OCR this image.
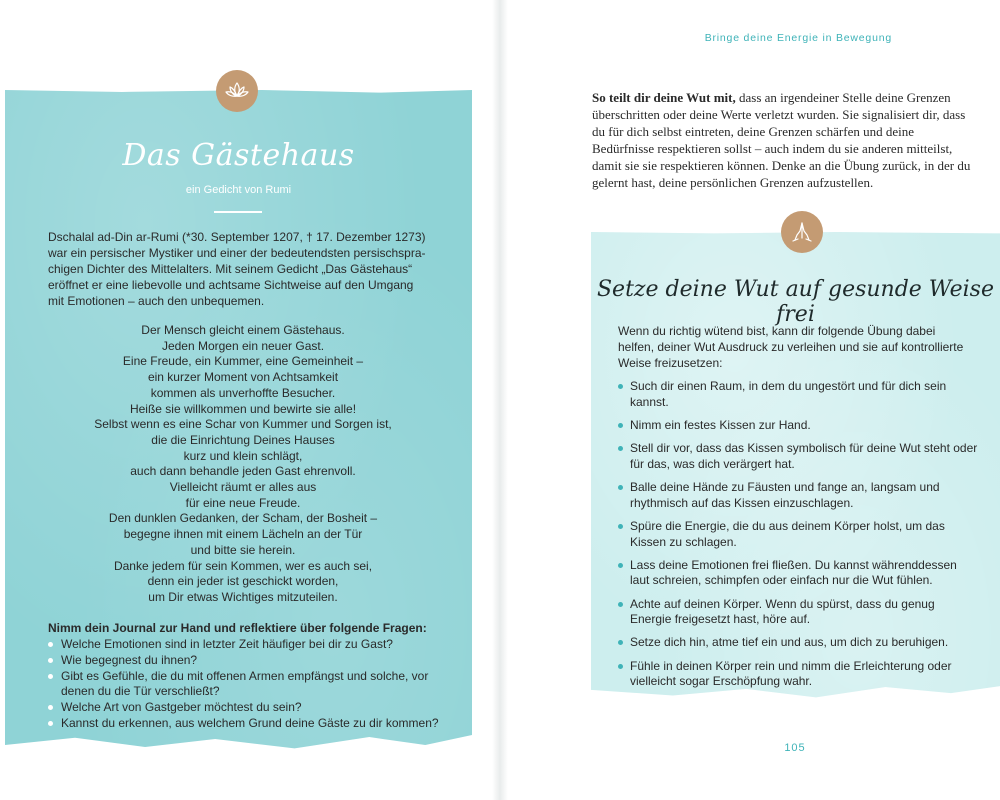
Das Gästehaus
ein Gedicht von Rumi

Dschalal ad-Din ar-Rumi (*30. September 1207, † 17. Dezember 1273) war ein persischer Mystiker und einer der bedeutendsten persischsprachigen Dichter des Mittelalters. Mit seinem Gedicht „Das Gästehaus“ eröffnet er eine liebevolle und achtsame Sichtweise auf den Umgang mit Emotionen – auch den unbequemen.

Der Mensch gleicht einem Gästehaus.
Jeden Morgen ein neuer Gast.
Eine Freude, ein Kummer, eine Gemeinheit –
ein kurzer Moment von Achtsamkeit
kommen als unverhoffte Besucher.
Heiße sie willkommen und bewirte sie alle!
Selbst wenn es eine Schar von Kummer und Sorgen ist,
die die Einrichtung Deines Hauses
kurz und klein schlägt,
auch dann behandle jeden Gast ehrenvoll.
Vielleicht räumt er alles aus
für eine neue Freude.
Den dunklen Gedanken, der Scham, der Bosheit –
begegne ihnen mit einem Lächeln an der Tür
und bitte sie herein.
Danke jedem für sein Kommen, wer es auch sei,
denn ein jeder ist geschickt worden,
um Dir etwas Wichtiges mitzuteilen.
Nimm dein Journal zur Hand und reflektiere über folgende Fragen:
Welche Emotionen sind in letzter Zeit häufiger bei dir zu Gast?
Wie begegnest du ihnen?
Gibt es Gefühle, die du mit offenen Armen empfängst und solche, vor denen du die Tür verschließt?
Welche Art von Gastgeber möchtest du sein?
Kannst du erkennen, aus welchem Grund deine Gäste zu dir kommen?
Bringe deine Energie in Bewegung

So teilt dir deine Wut mit, dass an irgendeiner Stelle deine Grenzen überschritten oder deine Werte verletzt wurden. Sie signalisiert dir, dass du für dich selbst eintreten, deine Grenzen schärfen und deine Bedürfnisse respektieren sollst – auch indem du sie anderen mitteilst, damit sie sie respektieren können. Denke an die Übung zurück, in der du gelernt hast, deine persönlichen Grenzen aufzustellen.

Setze deine Wut auf gesunde Weise frei

Wenn du richtig wütend bist, kann dir folgende Übung dabei helfen, deiner Wut Ausdruck zu verleihen und sie auf kontrollierte Weise freizusetzen:

Such dir einen Raum, in dem du ungestört und für dich sein kannst.
Nimm ein festes Kissen zur Hand.
Stell dir vor, dass das Kissen symbolisch für deine Wut steht oder für das, was dich verärgert hat.
Balle deine Hände zu Fäusten und fange an, langsam und rhythmisch auf das Kissen einzuschlagen.
Spüre die Energie, die du aus deinem Körper holst, um das Kissen zu schlagen.
Lass deine Emotionen frei fließen. Du kannst währenddessen laut schreien, schimpfen oder einfach nur die Wut fühlen.
Achte auf deinen Körper. Wenn du spürst, dass du genug Energie freigesetzt hast, höre auf.
Setze dich hin, atme tief ein und aus, um dich zu beruhigen.
Fühle in deinen Körper rein und nimm die Erleichterung oder vielleicht sogar Erschöpfung wahr.
105
